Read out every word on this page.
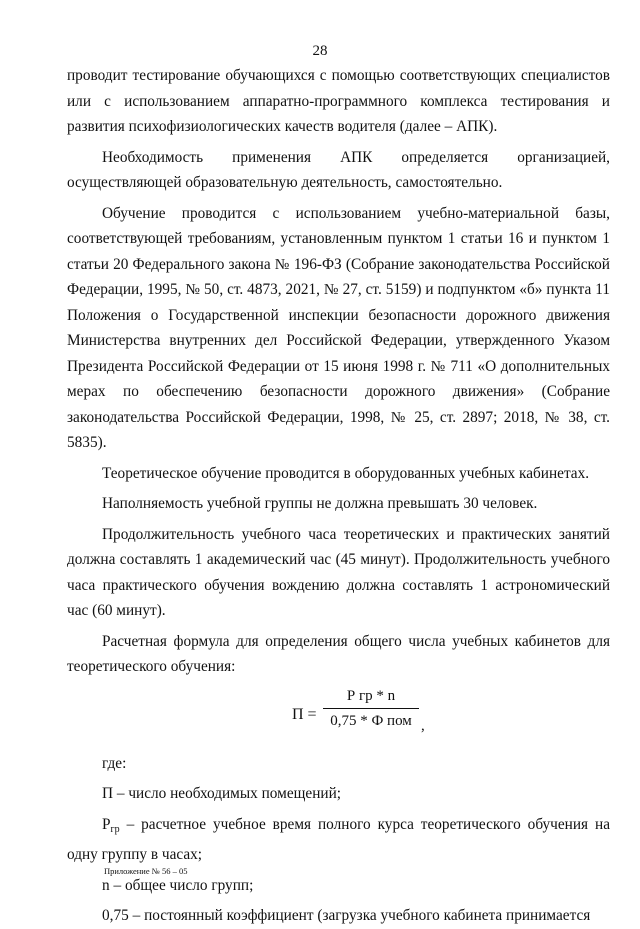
28

проводит тестирование обучающихся с помощью соответствующих специалистов или с использованием аппаратно-программного комплекса тестирования и развития психофизиологических качеств водителя (далее – АПК).

Необходимость применения АПК определяется организацией, осуществляющей образовательную деятельность, самостоятельно.

Обучение проводится с использованием учебно-материальной базы, соответствующей требованиям, установленным пунктом 1 статьи 16 и пунктом 1 статьи 20 Федерального закона № 196-ФЗ (Собрание законодательства Российской Федерации, 1995, № 50, ст. 4873, 2021, № 27, ст. 5159) и подпунктом «б» пункта 11 Положения о Государственной инспекции безопасности дорожного движения Министерства внутренних дел Российской Федерации, утвержденного Указом Президента Российской Федерации от 15 июня 1998 г. № 711 «О дополнительных мерах по обеспечению безопасности дорожного движения» (Собрание законодательства Российской Федерации, 1998, № 25, ст. 2897; 2018, № 38, ст. 5835).

Теоретическое обучение проводится в оборудованных учебных кабинетах.

Наполняемость учебной группы не должна превышать 30 человек.

Продолжительность учебного часа теоретических и практических занятий должна составлять 1 академический час (45 минут). Продолжительность учебного часа практического обучения вождению должна составлять 1 астрономический час (60 минут).

Расчетная формула для определения общего числа учебных кабинетов для теоретического обучения:

П =
Р гр * n
0,75 * Ф пом ,

где:

П – число необходимых помещений;

$Р_{гр}$ – расчетное учебное время полного курса теоретического обучения на одну группу в часах;

n – общее число групп;

0,75 – постоянный коэффициент (загрузка учебного кабинета принимается

Приложение № 56 – 05
